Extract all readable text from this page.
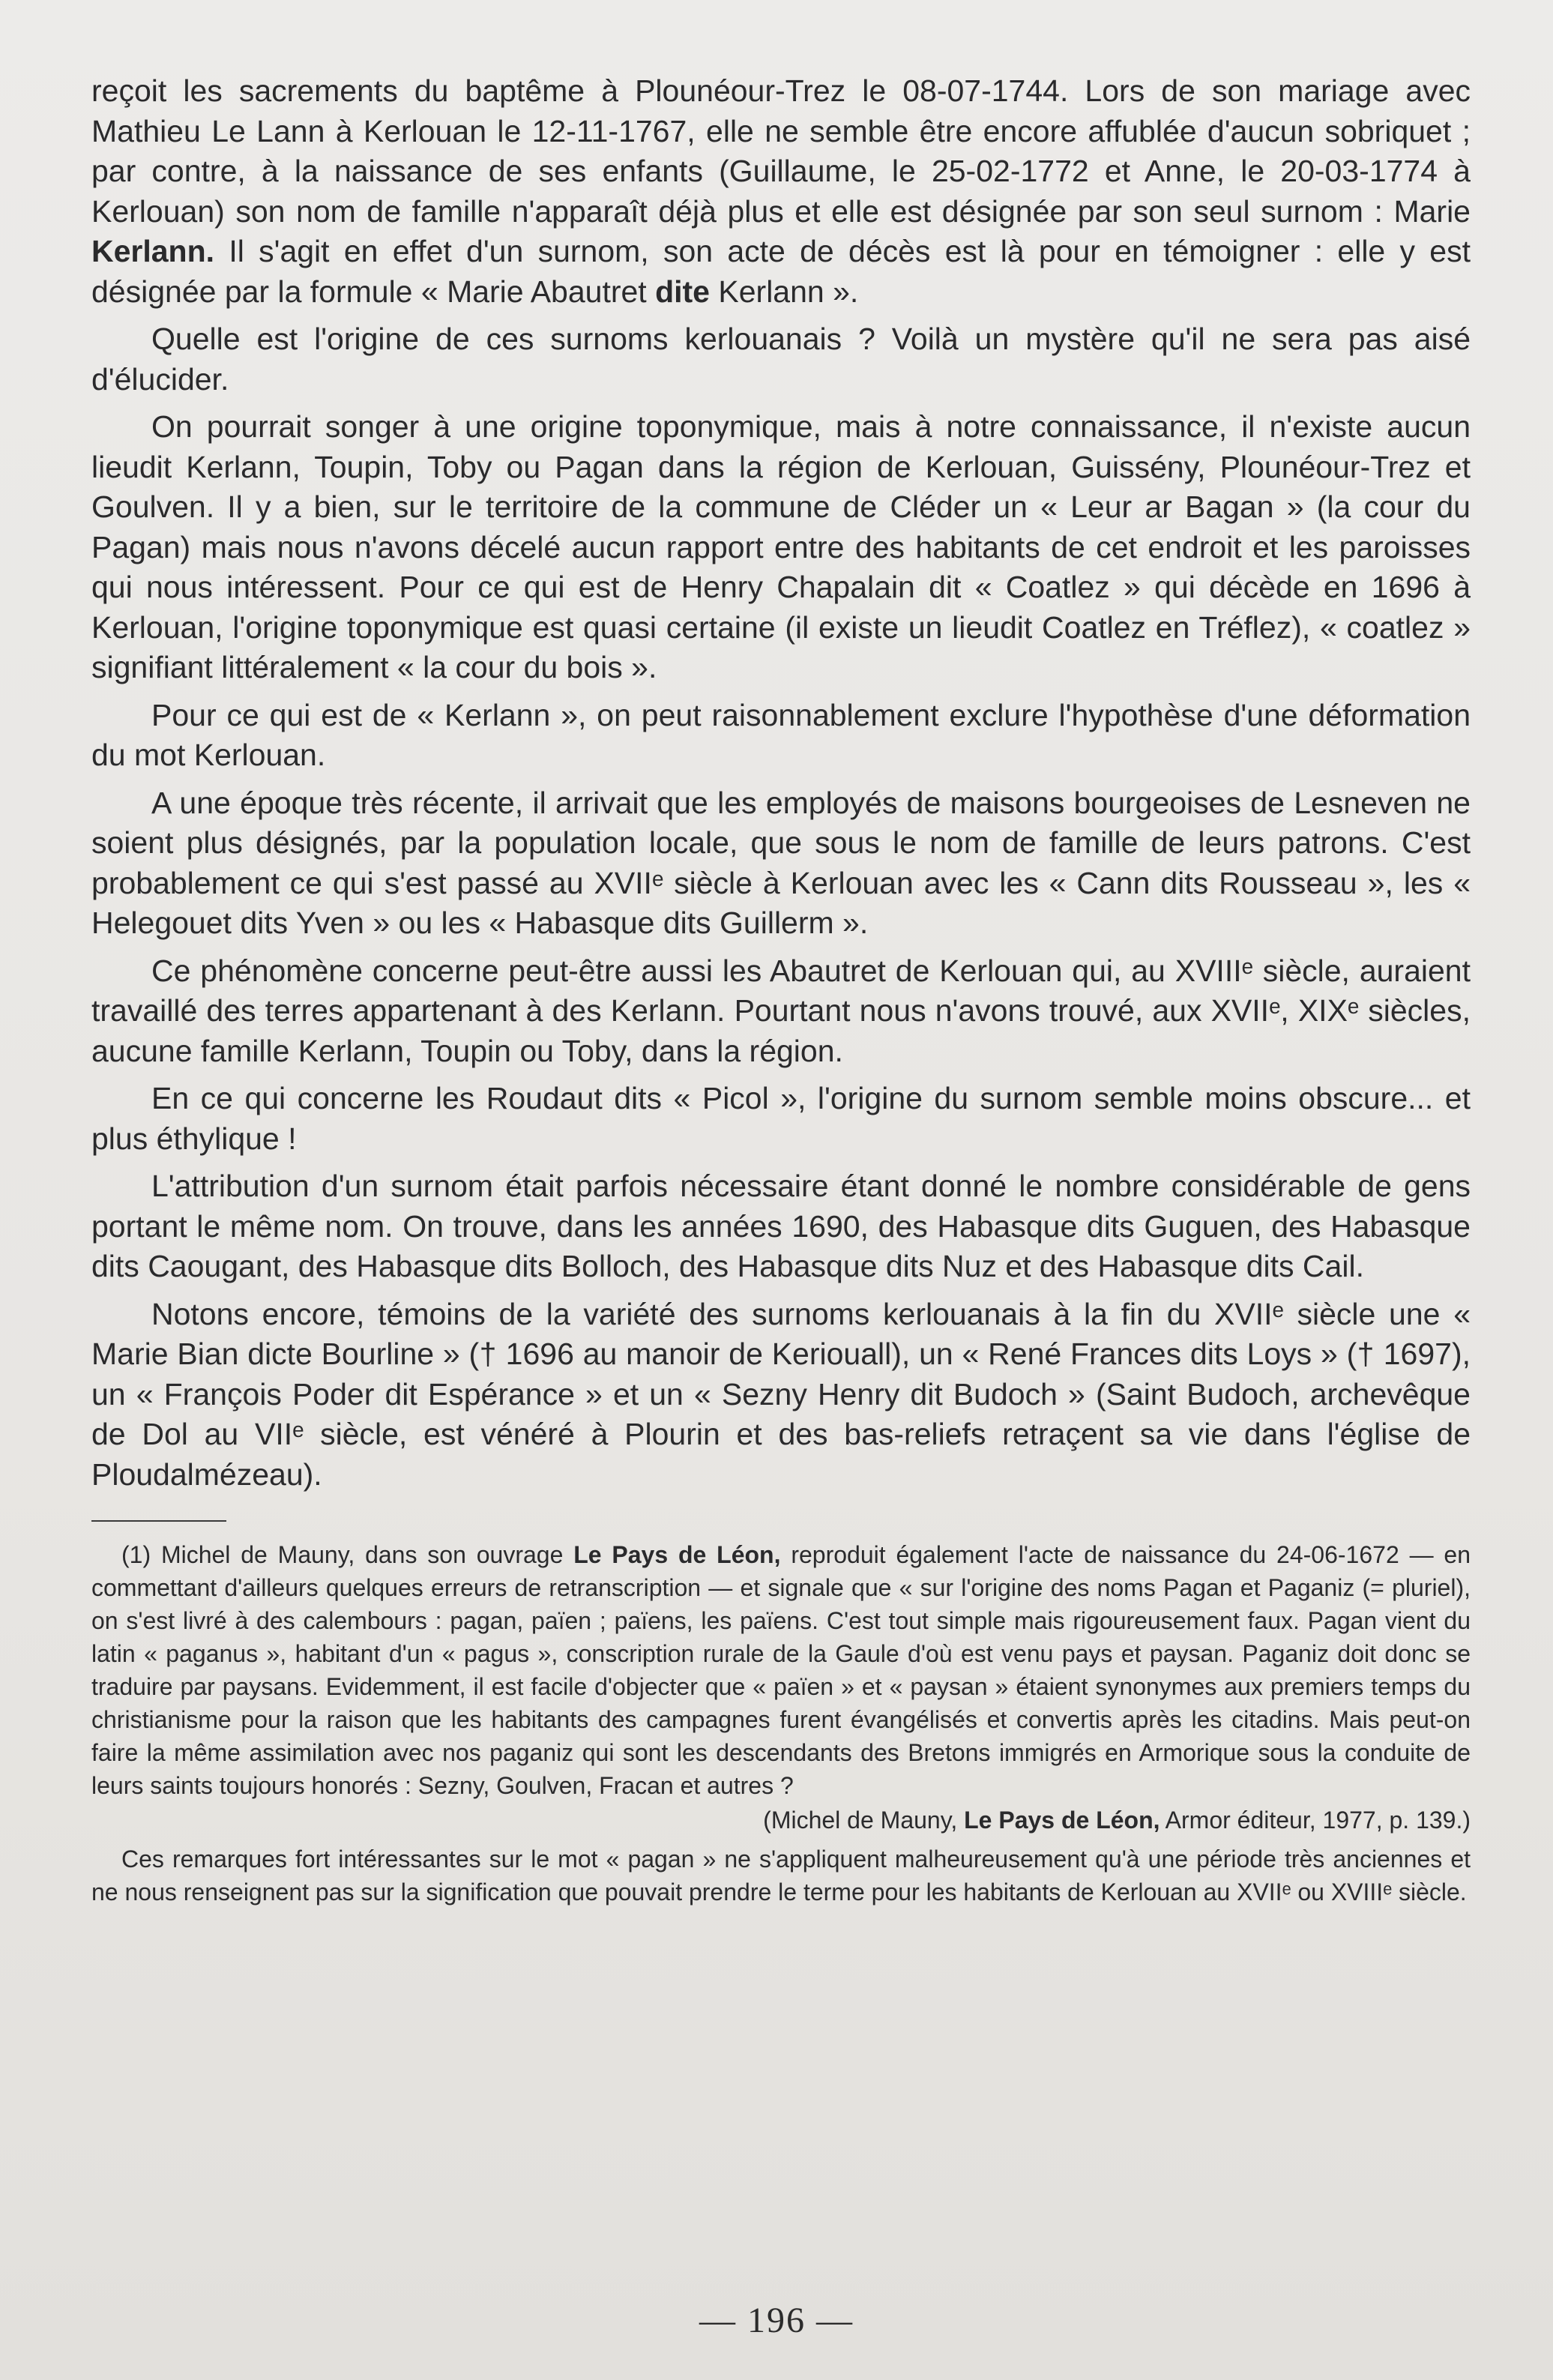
reçoit les sacrements du baptême à Plounéour-Trez le 08-07-1744. Lors de son mariage avec Mathieu Le Lann à Kerlouan le 12-11-1767, elle ne semble être encore affublée d'aucun sobriquet ; par contre, à la naissance de ses enfants (Guillaume, le 25-02-1772 et Anne, le 20-03-1774 à Kerlouan) son nom de famille n'apparaît déjà plus et elle est désignée par son seul surnom : Marie Kerlann. Il s'agit en effet d'un surnom, son acte de décès est là pour en témoigner : elle y est désignée par la formule « Marie Abautret dite Kerlann ».

Quelle est l'origine de ces surnoms kerlouanais ? Voilà un mystère qu'il ne sera pas aisé d'élucider.

On pourrait songer à une origine toponymique, mais à notre connaissance, il n'existe aucun lieudit Kerlann, Toupin, Toby ou Pagan dans la région de Kerlouan, Guissény, Plounéour-Trez et Goulven. Il y a bien, sur le territoire de la commune de Cléder un « Leur ar Bagan » (la cour du Pagan) mais nous n'avons décelé aucun rapport entre des habitants de cet endroit et les paroisses qui nous intéressent. Pour ce qui est de Henry Chapalain dit « Coatlez » qui décède en 1696 à Kerlouan, l'origine toponymique est quasi certaine (il existe un lieudit Coatlez en Tréflez), « coatlez » signifiant littéralement « la cour du bois ».

Pour ce qui est de « Kerlann », on peut raisonnablement exclure l'hypothèse d'une déformation du mot Kerlouan.

A une époque très récente, il arrivait que les employés de maisons bourgeoises de Lesneven ne soient plus désignés, par la population locale, que sous le nom de famille de leurs patrons. C'est probablement ce qui s'est passé au XVIIᵉ siècle à Kerlouan avec les « Cann dits Rousseau », les « Helegouet dits Yven » ou les « Habasque dits Guillerm ».

Ce phénomène concerne peut-être aussi les Abautret de Kerlouan qui, au XVIIIᵉ siècle, auraient travaillé des terres appartenant à des Kerlann. Pourtant nous n'avons trouvé, aux XVIIᵉ, XIXᵉ siècles, aucune famille Kerlann, Toupin ou Toby, dans la région.

En ce qui concerne les Roudaut dits « Picol », l'origine du surnom semble moins obscure... et plus éthylique !

L'attribution d'un surnom était parfois nécessaire étant donné le nombre considérable de gens portant le même nom. On trouve, dans les années 1690, des Habasque dits Guguen, des Habasque dits Caougant, des Habasque dits Bolloch, des Habasque dits Nuz et des Habasque dits Cail.

Notons encore, témoins de la variété des surnoms kerlouanais à la fin du XVIIᵉ siècle une « Marie Bian dicte Bourline » († 1696 au manoir de Keriouall), un « René Frances dits Loys » († 1697), un « François Poder dit Espérance » et un « Sezny Henry dit Budoch » (Saint Budoch, archevêque de Dol au VIIᵉ siècle, est vénéré à Plourin et des bas-reliefs retraçent sa vie dans l'église de Ploudalmézeau).

(1) Michel de Mauny, dans son ouvrage Le Pays de Léon, reproduit également l'acte de naissance du 24-06-1672 — en commettant d'ailleurs quelques erreurs de retranscription — et signale que « sur l'origine des noms Pagan et Paganiz (= pluriel), on s'est livré à des calembours : pagan, païen ; païens, les païens. C'est tout simple mais rigoureusement faux. Pagan vient du latin « paganus », habitant d'un « pagus », conscription rurale de la Gaule d'où est venu pays et paysan. Paganiz doit donc se traduire par paysans. Evidemment, il est facile d'objecter que « païen » et « paysan » étaient synonymes aux premiers temps du christianisme pour la raison que les habitants des campagnes furent évangélisés et convertis après les citadins. Mais peut-on faire la même assimilation avec nos paganiz qui sont les descendants des Bretons immigrés en Armorique sous la conduite de leurs saints toujours honorés : Sezny, Goulven, Fracan et autres ?

(Michel de Mauny, Le Pays de Léon, Armor éditeur, 1977, p. 139.)

Ces remarques fort intéressantes sur le mot « pagan » ne s'appliquent malheureusement qu'à une période très anciennes et ne nous renseignent pas sur la signification que pouvait prendre le terme pour les habitants de Kerlouan au XVIIᵉ ou XVIIIᵉ siècle.

— 196 —
